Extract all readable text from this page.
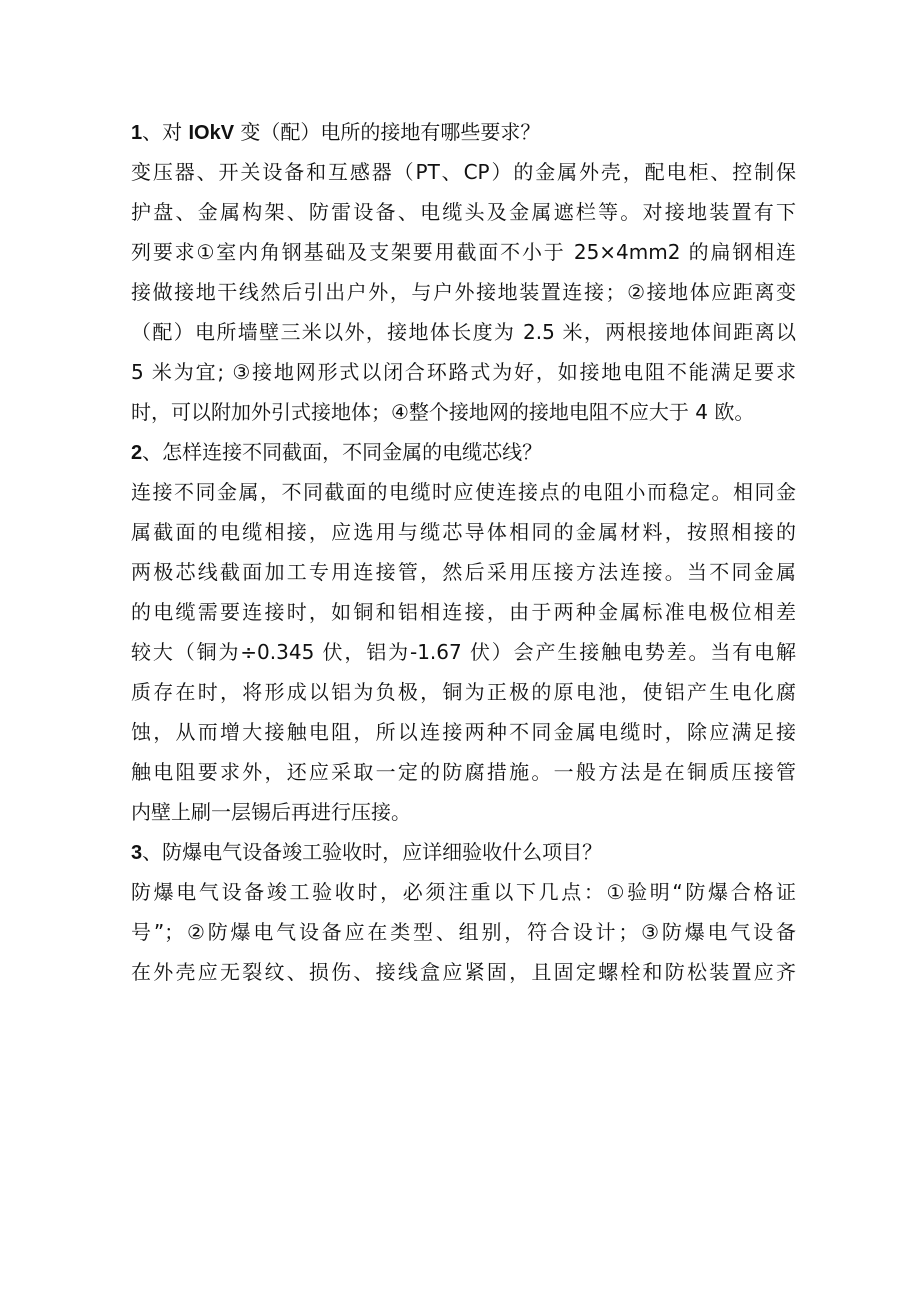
1、对 IOkV 变（配）电所的接地有哪些要求？
变压器、开关设备和互感器（PT、CP）的金属外壳，配电柜、控制保
护盘、金属构架、防雷设备、电缆头及金属遮栏等。对接地装置有下
列要求①室内角钢基础及支架要用截面不小于 25×4mm2 的扁钢相连
接做接地干线然后引出户外，与户外接地装置连接；②接地体应距离变
（配）电所墙壁三米以外，接地体长度为 2.5 米，两根接地体间距离以
5 米为宜; ③接地网形式以闭合环路式为好，如接地电阻不能满足要求
时，可以附加外引式接地体；④整个接地网的接地电阻不应大于 4 欧。
2、怎样连接不同截面，不同金属的电缆芯线？
连接不同金属，不同截面的电缆时应使连接点的电阻小而稳定。相同金
属截面的电缆相接，应选用与缆芯导体相同的金属材料，按照相接的
两极芯线截面加工专用连接管，然后采用压接方法连接。当不同金属
的电缆需要连接时，如铜和铝相连接，由于两种金属标准电极位相差
较大（铜为÷0.345 伏，铝为-1.67 伏）会产生接触电势差。当有电解
质存在时，将形成以铝为负极，铜为正极的原电池，使铝产生电化腐
蚀，从而增大接触电阻，所以连接两种不同金属电缆时，除应满足接
触电阻要求外，还应采取一定的防腐措施。一般方法是在铜质压接管
内壁上刷一层锡后再进行压接。
3、防爆电气设备竣工验收时，应详细验收什么项目？
防爆电气设备竣工验收时，必须注重以下几点：①验明“防爆合格证
号”；②防爆电气设备应在类型、组别，符合设计；③防爆电气设备
在外壳应无裂纹、损伤、接线盒应紧固，且固定螺栓和防松装置应齐
